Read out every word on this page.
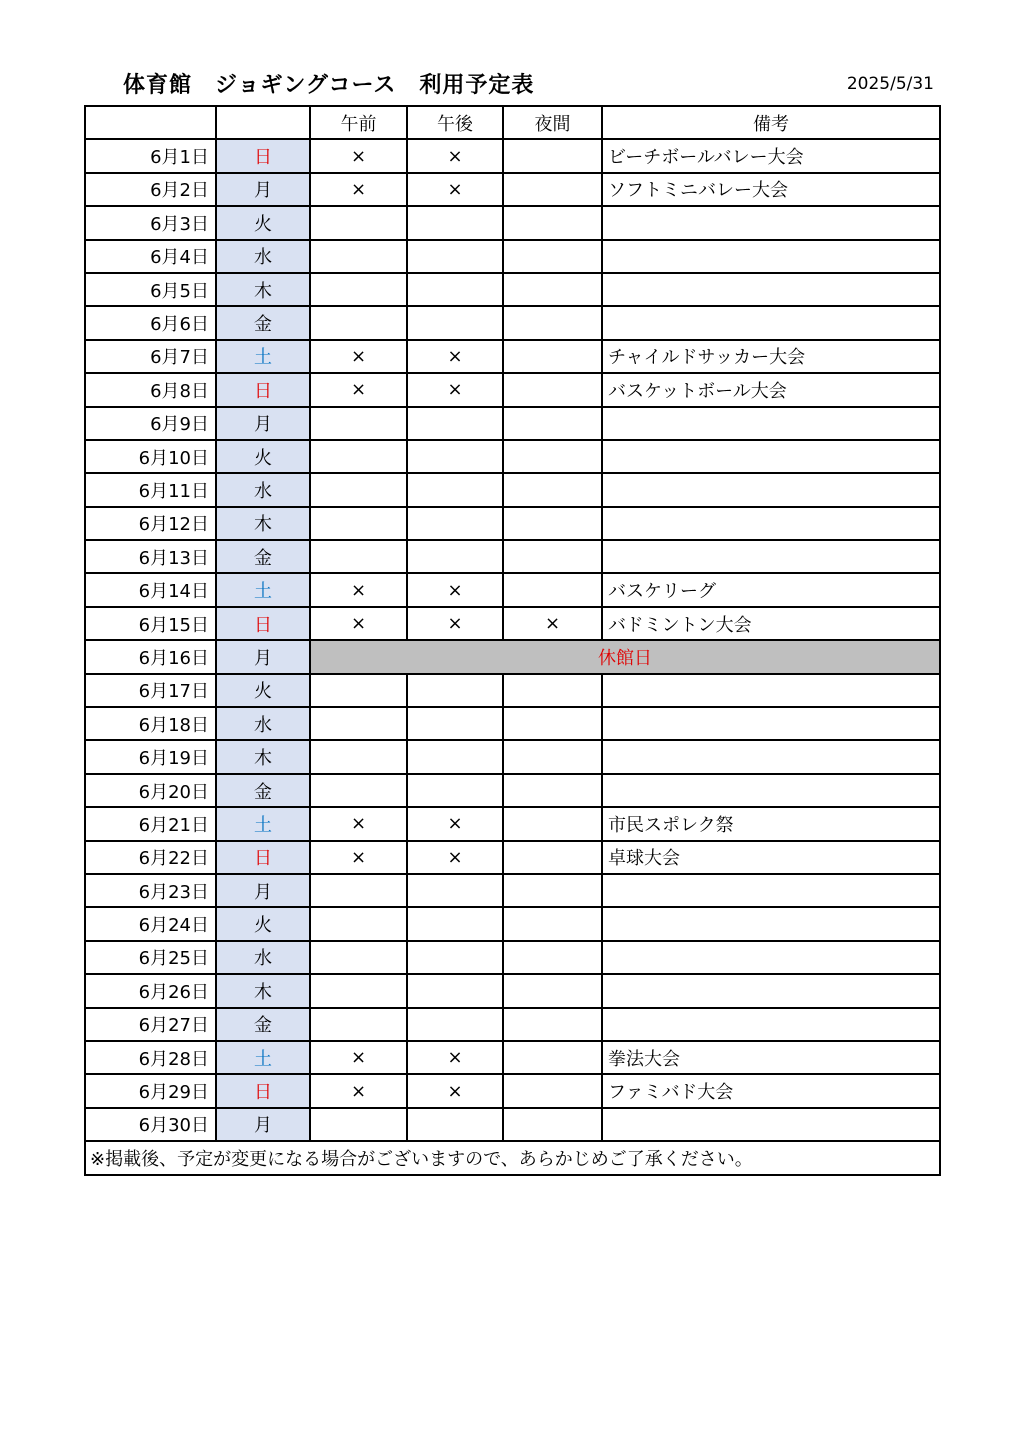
体育館　ジョギングコース　利用予定表	2025/5/31
		午前	午後	夜間	備考
6月1日	日	×	×		ビーチボールバレー大会
6月2日	月	×	×		ソフトミニバレー大会
6月3日	火				
6月4日	水				
6月5日	木				
6月6日	金				
6月7日	土	×	×		チャイルドサッカー大会
6月8日	日	×	×		バスケットボール大会
6月9日	月				
6月10日	火				
6月11日	水				
6月12日	木				
6月13日	金				
6月14日	土	×	×		バスケリーグ
6月15日	日	×	×	×	バドミントン大会
6月16日	月	休館日			
6月17日	火				
6月18日	水				
6月19日	木				
6月20日	金				
6月21日	土	×	×		市民スポレク祭
6月22日	日	×	×		卓球大会
6月23日	月				
6月24日	火				
6月25日	水				
6月26日	木				
6月27日	金				
6月28日	土	×	×		拳法大会
6月29日	日	×	×		ファミバド大会
6月30日	月				
※掲載後、予定が変更になる場合がございますので、あらかじめご了承ください。					
